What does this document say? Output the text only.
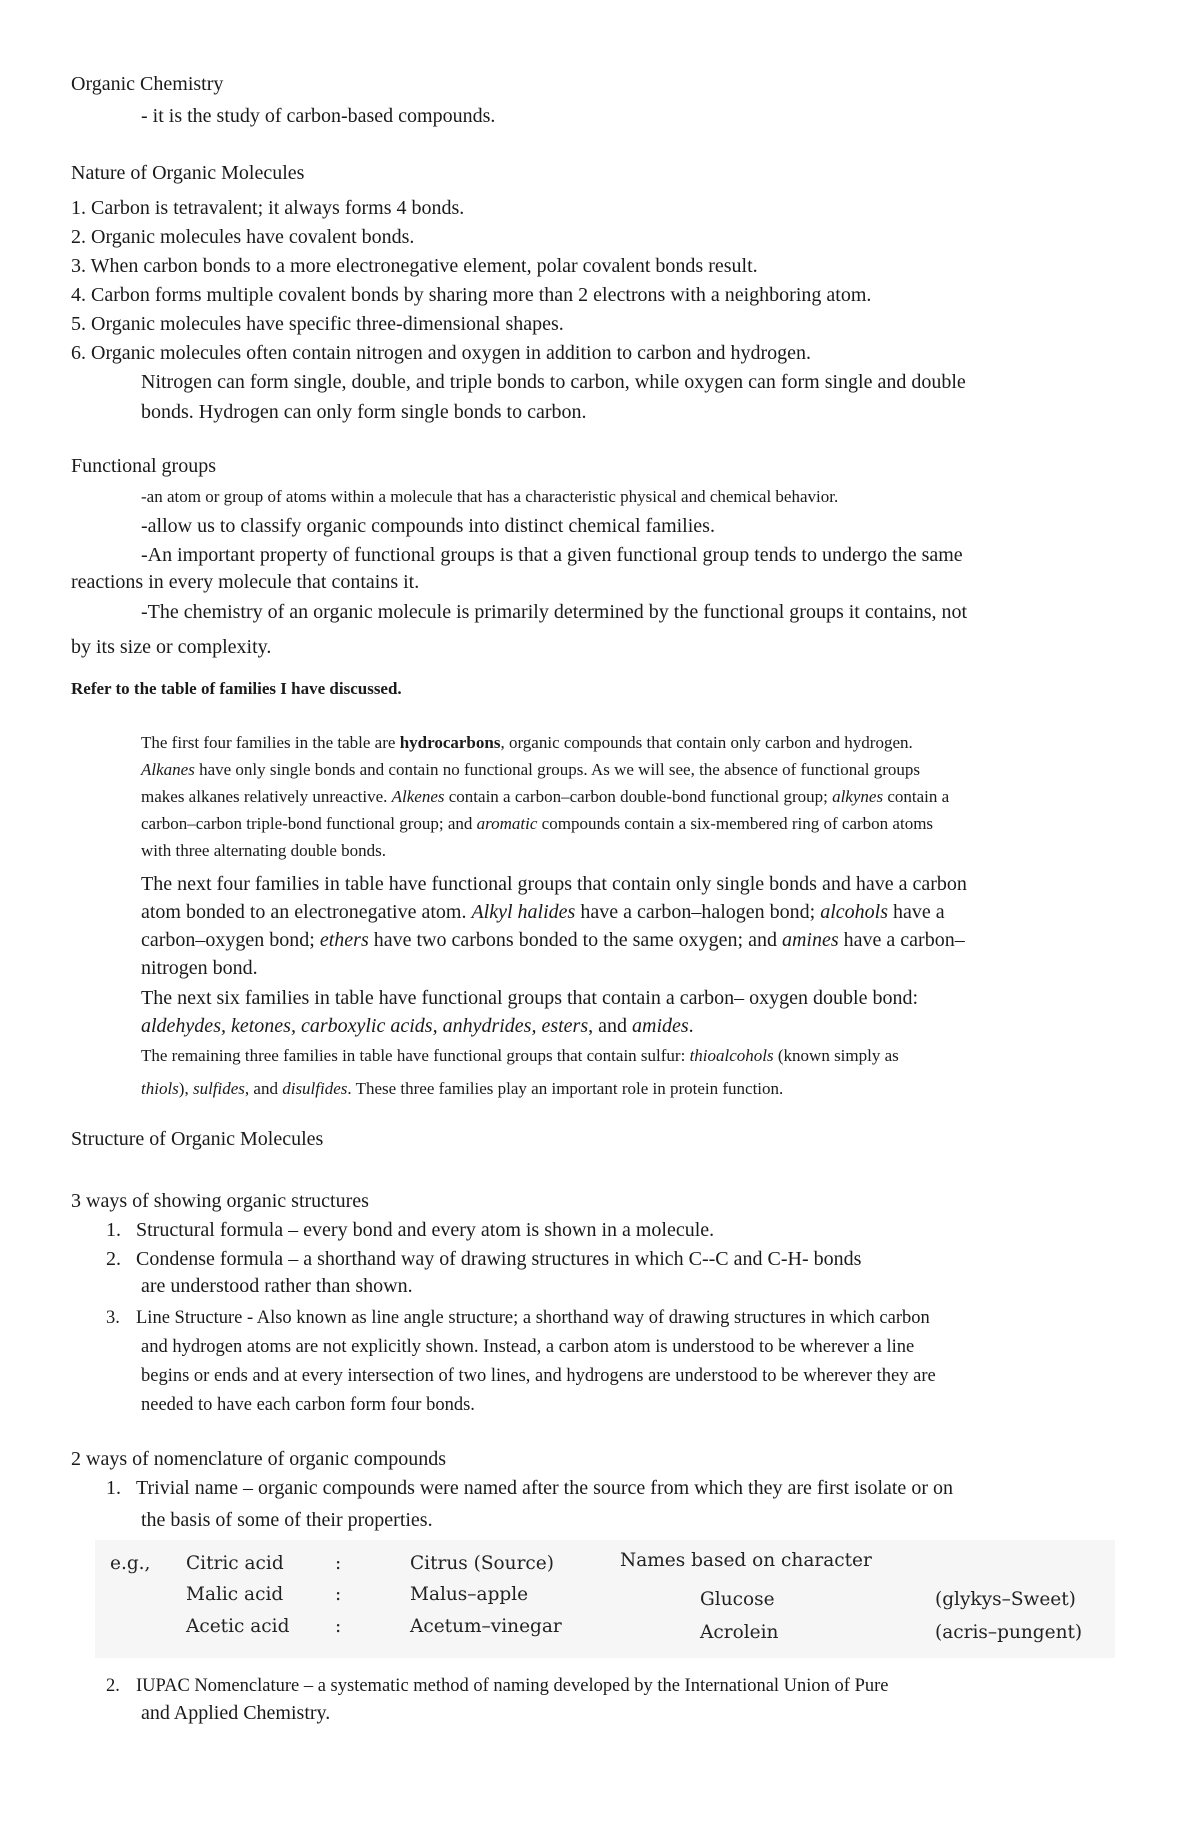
Organic Chemistry
- it is the study of carbon-based compounds.
Nature of Organic Molecules
1. Carbon is tetravalent; it always forms 4 bonds.
2. Organic molecules have covalent bonds.
3. When carbon bonds to a more electronegative element, polar covalent bonds result.
4. Carbon forms multiple covalent bonds by sharing more than 2 electrons with a neighboring atom.
5. Organic molecules have specific three-dimensional shapes.
6. Organic molecules often contain nitrogen and oxygen in addition to carbon and hydrogen.
Nitrogen can form single, double, and triple bonds to carbon, while oxygen can form single and double
bonds. Hydrogen can only form single bonds to carbon.
Functional groups
-an atom or group of atoms within a molecule that has a characteristic physical and chemical behavior.
-allow us to classify organic compounds into distinct chemical families.
-An important property of functional groups is that a given functional group tends to undergo the same
reactions in every molecule that contains it.
-The chemistry of an organic molecule is primarily determined by the functional groups it contains, not
by its size or complexity.
Refer to the table of families I have discussed.
The first four families in the table are hydrocarbons, organic compounds that contain only carbon and hydrogen.
Alkanes have only single bonds and contain no functional groups. As we will see, the absence of functional groups
makes alkanes relatively unreactive. Alkenes contain a carbon–carbon double-bond functional group; alkynes contain a
carbon–carbon triple-bond functional group; and aromatic compounds contain a six-membered ring of carbon atoms
with three alternating double bonds.
The next four families in table have functional groups that contain only single bonds and have a carbon
atom bonded to an electronegative atom. Alkyl halides have a carbon–halogen bond; alcohols have a
carbon–oxygen bond; ethers have two carbons bonded to the same oxygen; and amines have a carbon–
nitrogen bond.
The next six families in table have functional groups that contain a carbon– oxygen double bond:
aldehydes, ketones, carboxylic acids, anhydrides, esters, and amides.
The remaining three families in table have functional groups that contain sulfur: thioalcohols (known simply as
thiols), sulfides, and disulfides. These three families play an important role in protein function.
Structure of Organic Molecules
3 ways of showing organic structures
1. Structural formula – every bond and every atom is shown in a molecule.
2. Condense formula – a shorthand way of drawing structures in which C--C and C-H- bonds
are understood rather than shown.
3. Line Structure - Also known as line angle structure; a shorthand way of drawing structures in which carbon
and hydrogen atoms are not explicitly shown. Instead, a carbon atom is understood to be wherever a line
begins or ends and at every intersection of two lines, and hydrogens are understood to be wherever they are
needed to have each carbon form four bonds.
2 ways of nomenclature of organic compounds
1. Trivial name – organic compounds were named after the source from which they are first isolate or on
the basis of some of their properties.
e.g., Citric acid	:	Citrus (Source)
Malic acid	:	Malus–apple
Acetic acid :	Acetum–vinegar
Names based on character
Glucose	(glykys–Sweet)
Acrolein	(acris–pungent)
2. IUPAC Nomenclature – a systematic method of naming developed by the International Union of Pure
and Applied Chemistry.
